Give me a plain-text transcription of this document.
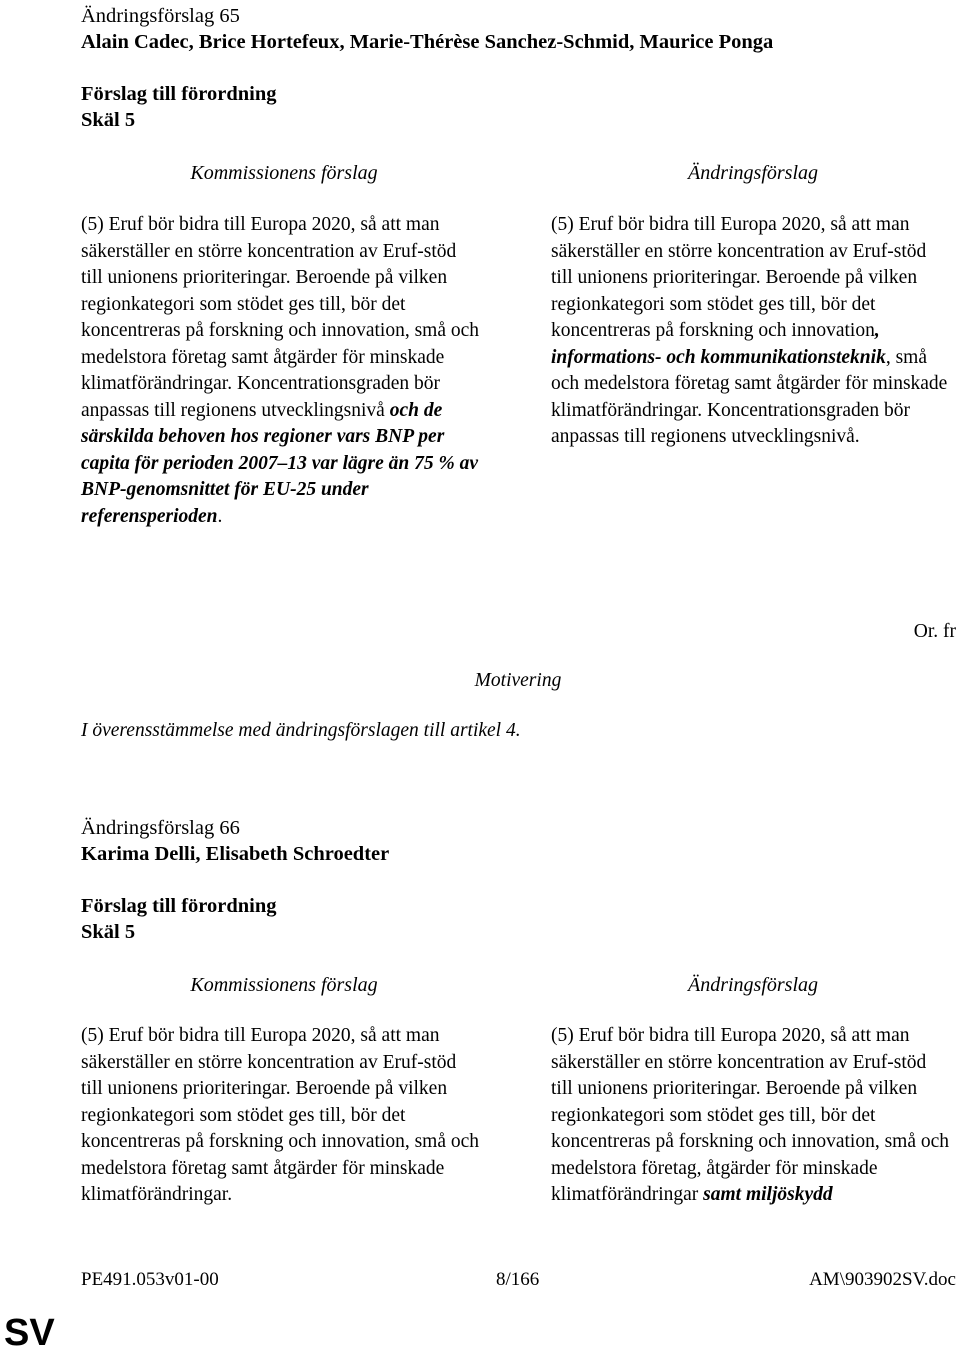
Ändringsförslag 65
Alain Cadec, Brice Hortefeux, Marie-Thérèse Sanchez-Schmid, Maurice Ponga
Förslag till förordning
Skäl 5
Kommissionens förslag	Ändringsförslag

(5) Eruf bör bidra till Europa 2020, så att man säkerställer en större koncentration av Eruf-stöd till unionens prioriteringar. Beroende på vilken regionkategori som stödet ges till, bör det koncentreras på forskning och innovation, små och medelstora företag samt åtgärder för minskade klimatförändringar. Koncentrationsgraden bör anpassas till regionens utvecklingsnivå och de särskilda behoven hos regioner vars BNP per capita för perioden 2007–13 var lägre än 75 % av BNP-genomsnittet för EU-25 under referensperioden.

(5) Eruf bör bidra till Europa 2020, så att man säkerställer en större koncentration av Eruf-stöd till unionens prioriteringar. Beroende på vilken regionkategori som stödet ges till, bör det koncentreras på forskning och innovation, informations- och kommunikationsteknik, små och medelstora företag samt åtgärder för minskade klimatförändringar. Koncentrationsgraden bör anpassas till regionens utvecklingsnivå.

Or. fr
Motivering
I överensstämmelse med ändringsförslagen till artikel 4.
Ändringsförslag 66
Karima Delli, Elisabeth Schroedter
Förslag till förordning
Skäl 5
Kommissionens förslag	Ändringsförslag

(5) Eruf bör bidra till Europa 2020, så att man säkerställer en större koncentration av Eruf-stöd till unionens prioriteringar. Beroende på vilken regionkategori som stödet ges till, bör det koncentreras på forskning och innovation, små och medelstora företag samt åtgärder för minskade klimatförändringar.

(5) Eruf bör bidra till Europa 2020, så att man säkerställer en större koncentration av Eruf-stöd till unionens prioriteringar. Beroende på vilken regionkategori som stödet ges till, bör det koncentreras på forskning och innovation, små och medelstora företag, åtgärder för minskade klimatförändringar samt miljöskydd

PE491.053v01-00	8/166	AM\903902SV.doc
SV
